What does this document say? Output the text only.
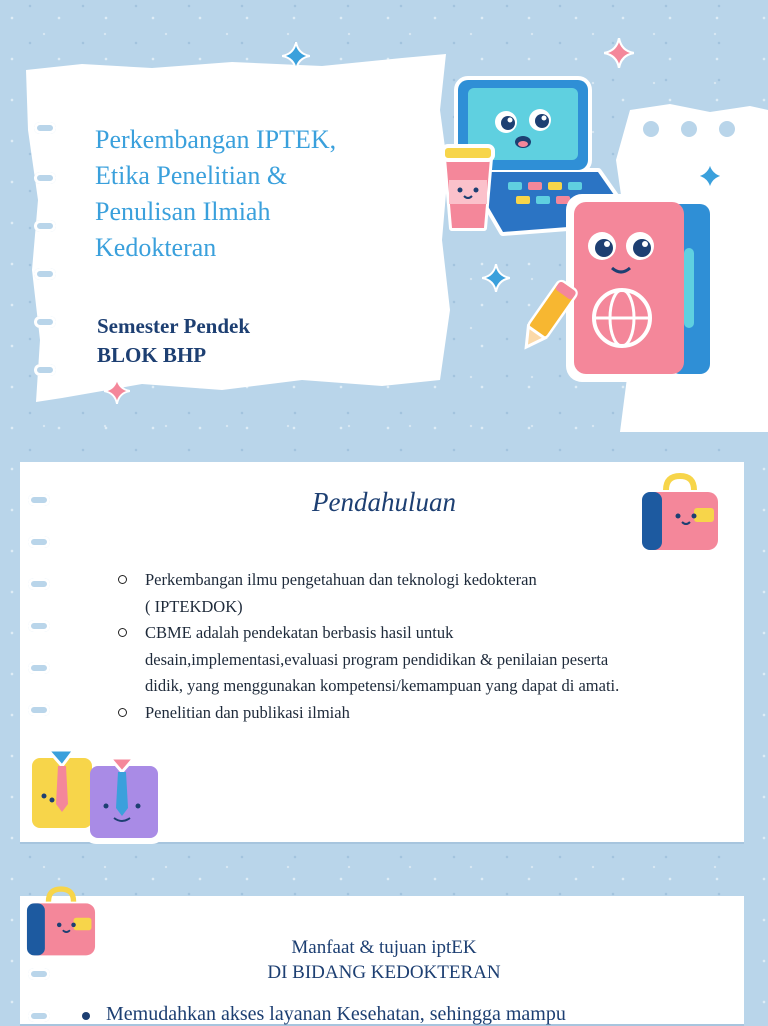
Perkembangan IPTEK,
Etika Penelitian &
Penulisan Ilmiah
Kedokteran
Semester Pendek
BLOK BHP
Pendahuluan
Perkembangan ilmu pengetahuan dan teknologi kedokteran
( IPTEKDOK)
CBME adalah pendekatan berbasis hasil untuk
desain,implementasi,evaluasi program pendidikan & penilaian peserta
didik, yang menggunakan kompetensi/kemampuan yang dapat di amati.
Penelitian dan publikasi ilmiah
Manfaat & tujuan iptEK
DI BIDANG KEDOKTERAN
Memudahkan akses layanan Kesehatan, sehingga mampu
